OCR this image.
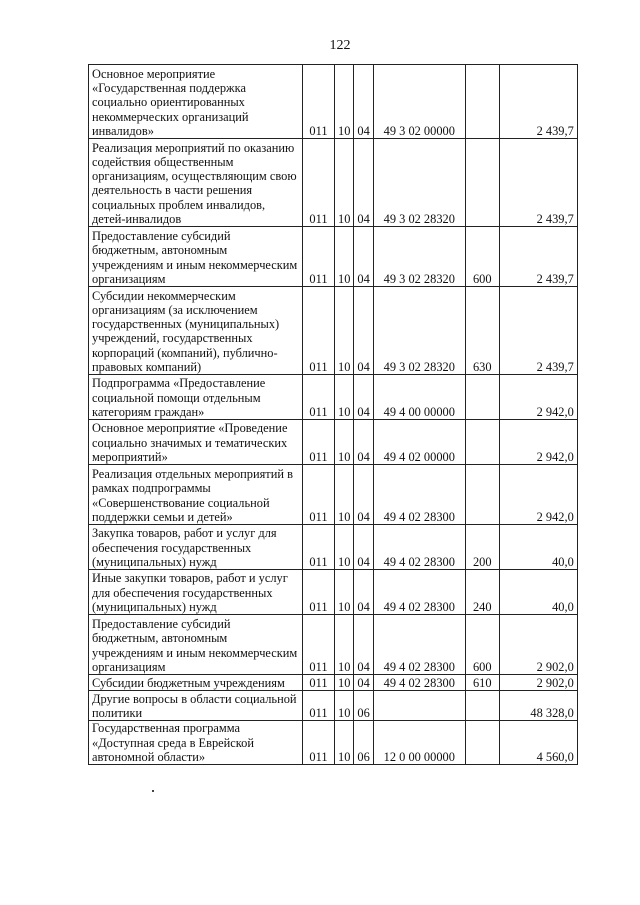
122
Основное мероприятие «Государственная поддержка социально ориентированных некоммерческих организаций инвалидов»	011	10	04	49 3 02 00000		2 439,7
Реализация мероприятий по оказанию содействия общественным организациям, осуществляющим свою деятельность в части решения социальных проблем инвалидов, детей-инвалидов	011	10	04	49 3 02 28320		2 439,7
Предоставление субсидий бюджетным, автономным учреждениям и иным некоммерческим организациям	011	10	04	49 3 02 28320	600	2 439,7
Субсидии некоммерческим организациям (за исключением государственных (муниципальных) учреждений, государственных корпораций (компаний), публично-правовых компаний)	011	10	04	49 3 02 28320	630	2 439,7
Подпрограмма «Предоставление социальной помощи отдельным категориям граждан»	011	10	04	49 4 00 00000		2 942,0
Основное мероприятие «Проведение социально значимых и тематических мероприятий»	011	10	04	49 4 02 00000		2 942,0
Реализация отдельных мероприятий в рамках подпрограммы «Совершенствование социальной поддержки семьи и детей»	011	10	04	49 4 02 28300		2 942,0
Закупка товаров, работ и услуг для обеспечения государственных (муниципальных) нужд	011	10	04	49 4 02 28300	200	40,0
Иные закупки товаров, работ и услуг для обеспечения государственных (муниципальных) нужд	011	10	04	49 4 02 28300	240	40,0
Предоставление субсидий бюджетным, автономным учреждениям и иным некоммерческим организациям	011	10	04	49 4 02 28300	600	2 902,0
Субсидии бюджетным учреждениям	011	10	04	49 4 02 28300	610	2 902,0
Другие вопросы в области социальной политики	011	10	06			48 328,0
Государственная программа «Доступная среда в Еврейской автономной области»	011	10	06	12 0 00 00000		4 560,0
